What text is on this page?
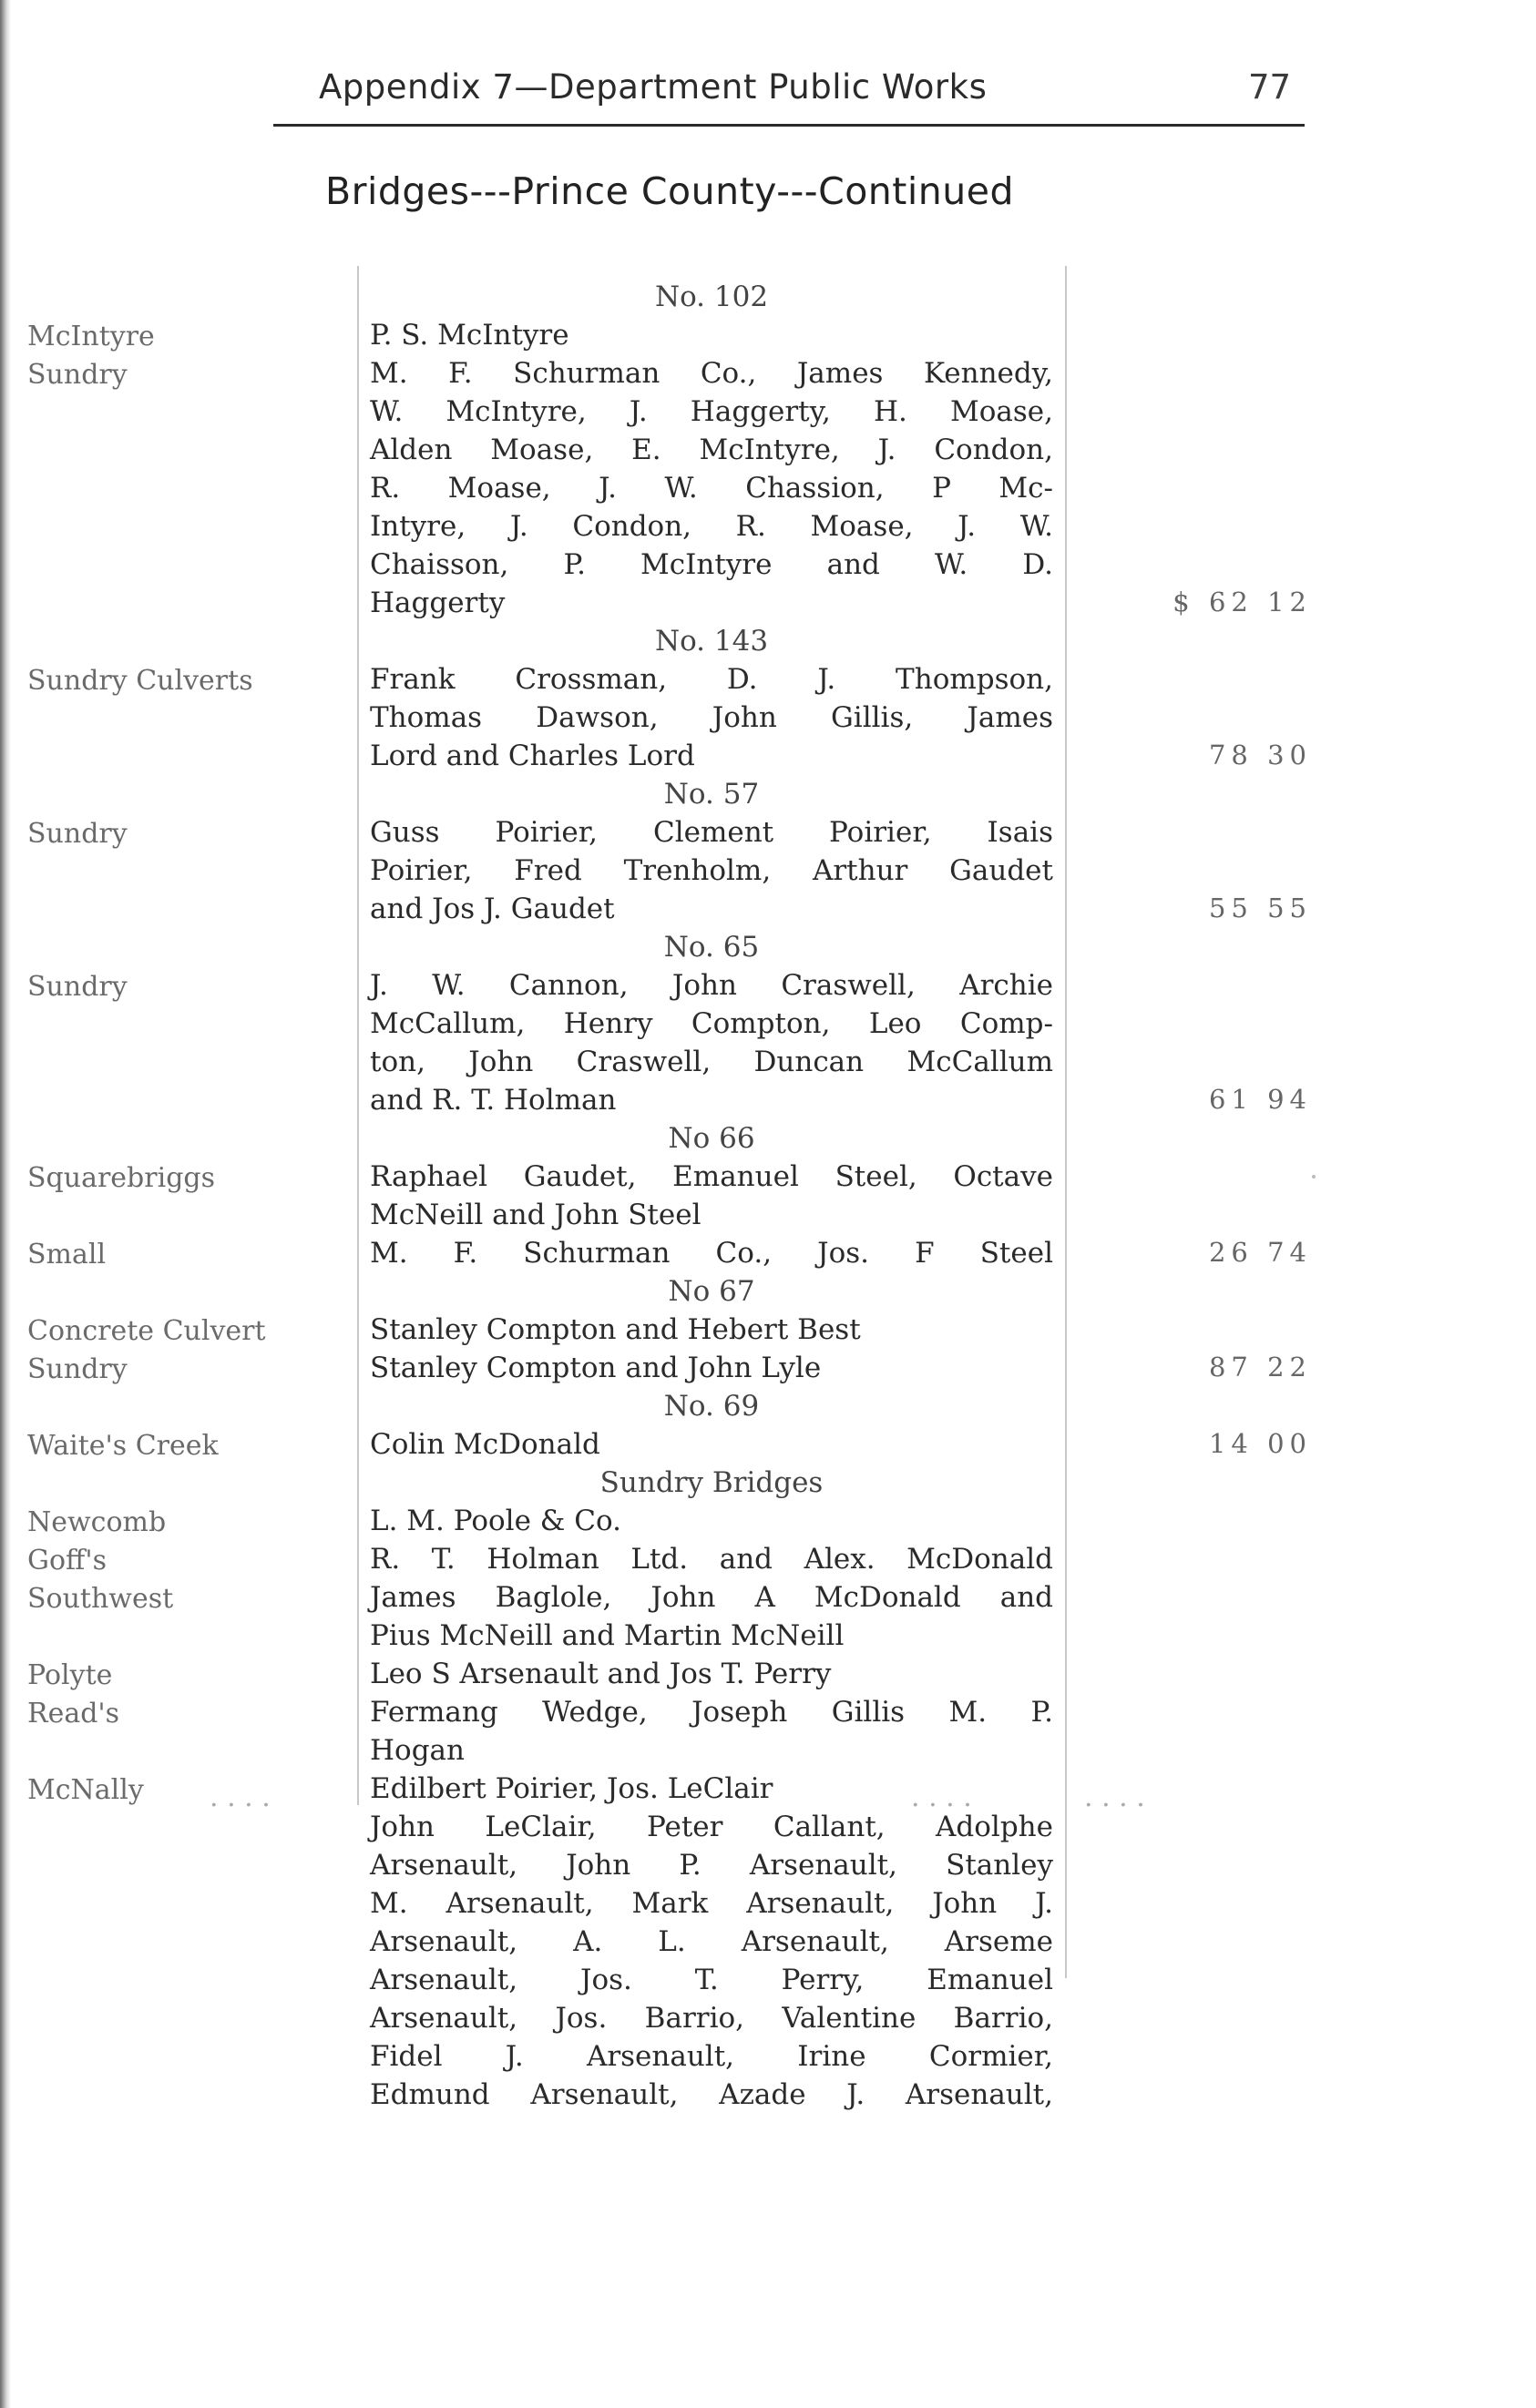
Appendix 7—Department Public Works	77
Bridges---Prince County---Continued
No. 102
McIntyre	P. S. McIntyre
Sundry	M. F. Schurman Co., James Kennedy,
W. McIntyre, J. Haggerty, H. Moase,
Alden Moase, E. McIntyre, J. Condon,
R. Moase, J. W. Chassion, P Mc-
Intyre, J. Condon, R. Moase, J. W.
Chaisson, P. McIntyre and W. D.
Haggerty	$ 62 12
No. 143
Sundry Culverts	Frank Crossman, D. J. Thompson,
Thomas Dawson, John Gillis, James
Lord and Charles Lord	78 30
No. 57
Sundry	Guss Poirier, Clement Poirier, Isais
Poirier, Fred Trenholm, Arthur Gaudet
and Jos J. Gaudet	55 55
No. 65
Sundry	J. W. Cannon, John Craswell, Archie
McCallum, Henry Compton, Leo Comp-
ton, John Craswell, Duncan McCallum
and R. T. Holman	61 94
No 66
Squarebriggs	Raphael Gaudet, Emanuel Steel, Octave
McNeill and John Steel
Small	M. F. Schurman Co., Jos. F Steel	26 74
No 67
Concrete Culvert	Stanley Compton and Hebert Best
Sundry	Stanley Compton and John Lyle	87 22
No. 69
Waite's Creek	Colin McDonald	14 00
Sundry Bridges
Newcomb	L. M. Poole & Co.
Goff's	R. T. Holman Ltd. and Alex. McDonald
Southwest	James Baglole, John A McDonald and
Pius McNeill and Martin McNeill
Polyte	Leo S Arsenault and Jos T. Perry
Read's	Fermang Wedge, Joseph Gillis M. P.
Hogan
McNally	Edilbert Poirier, Jos. LeClair
. . . .	. . . .	. . . .
John LeClair, Peter Callant, Adolphe
Arsenault, John P. Arsenault, Stanley
M. Arsenault, Mark Arsenault, John J.
Arsenault, A. L. Arsenault, Arseme
Arsenault, Jos. T. Perry, Emanuel
Arsenault, Jos. Barrio, Valentine Barrio,
Fidel J. Arsenault, Irine Cormier,
Edmund Arsenault, Azade J. Arsenault,
